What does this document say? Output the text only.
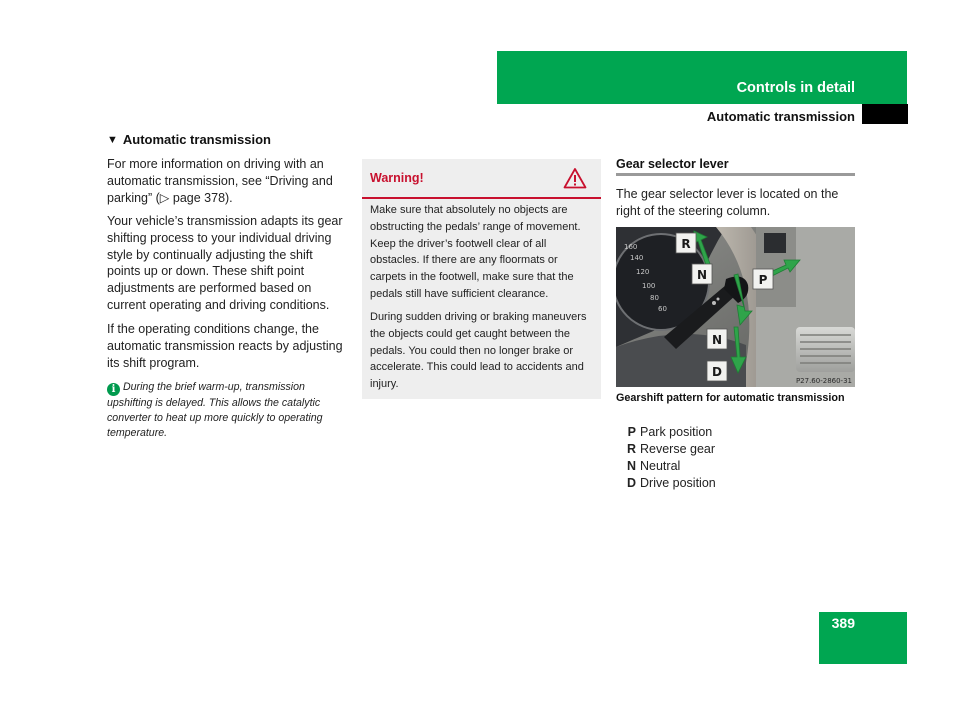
Controls in detail
Automatic transmission
▼ Automatic transmission

For more information on driving with an automatic transmission, see “Driving and parking” (▷ page 378).

Your vehicle’s transmission adapts its gear shifting process to your individual driving style by continually adjusting the shift points up or down. These shift point adjustments are performed based on current operating and driving conditions.

If the operating conditions change, the automatic transmission reacts by adjusting its shift program.

i During the brief warm-up, transmission upshifting is delayed. This allows the catalytic converter to heat up more quickly to operating temperature.
Warning!

Make sure that absolutely no objects are obstructing the pedals’ range of movement. Keep the driver’s footwell clear of all obstacles. If there are any floormats or carpets in the footwell, make sure that the pedals still have sufficient clearance.

During sudden driving or braking maneuvers the objects could get caught between the pedals. You could then no longer brake or accelerate. This could lead to accidents and injury.

Gear selector lever

The gear selector lever is located on the right of the steering column.

160
140
120
100
80
60
R
N	P
N
D
P27.60-2860-31
Gearshift pattern for automatic transmission
P Park position
R Reverse gear
N Neutral
D Drive position
389
